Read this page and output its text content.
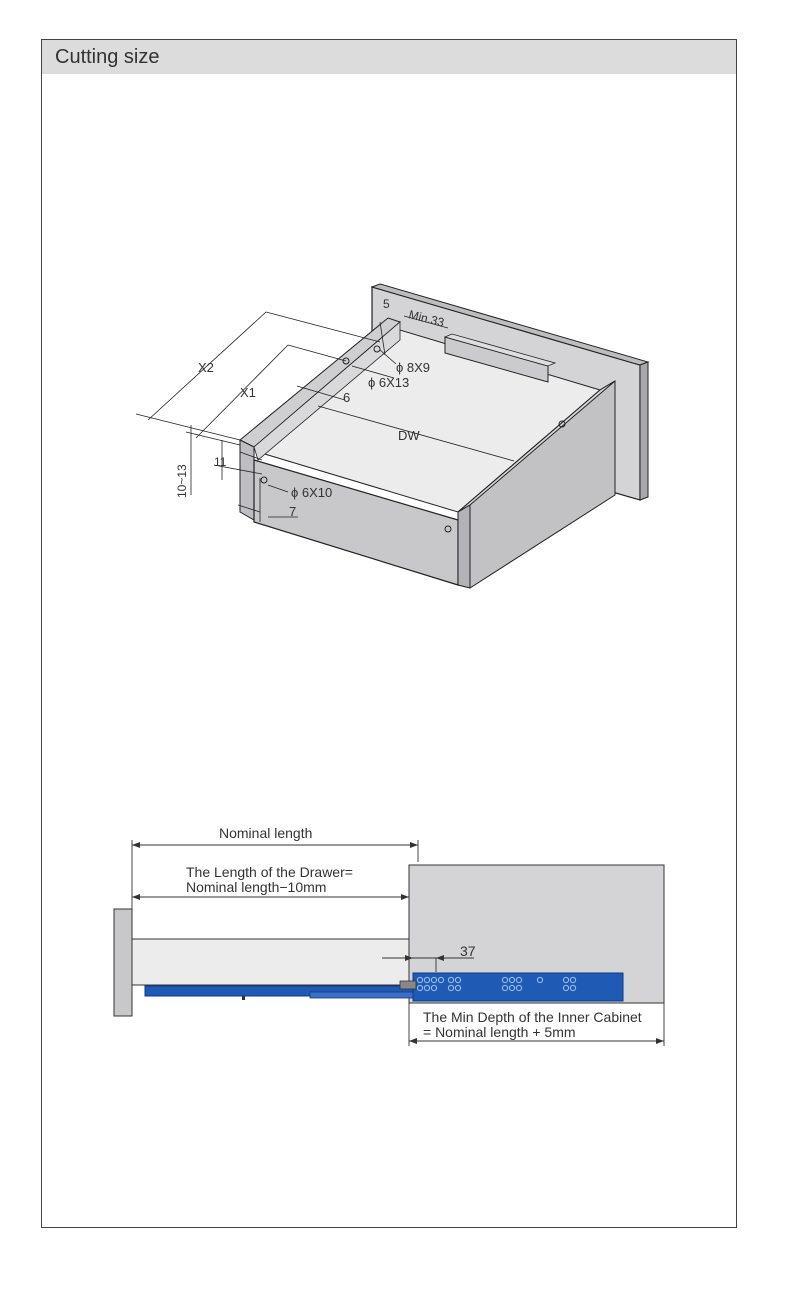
Cutting size
X2
X1
DW
Min.33
5
ϕ 8X9
ϕ 6X13
6
10~13
11
ϕ 6X10
7
Nominal length
The Length of the Drawer=
Nominal length−10mm
37
The Min Depth of the Inner Cabinet
= Nominal length + 5mm
